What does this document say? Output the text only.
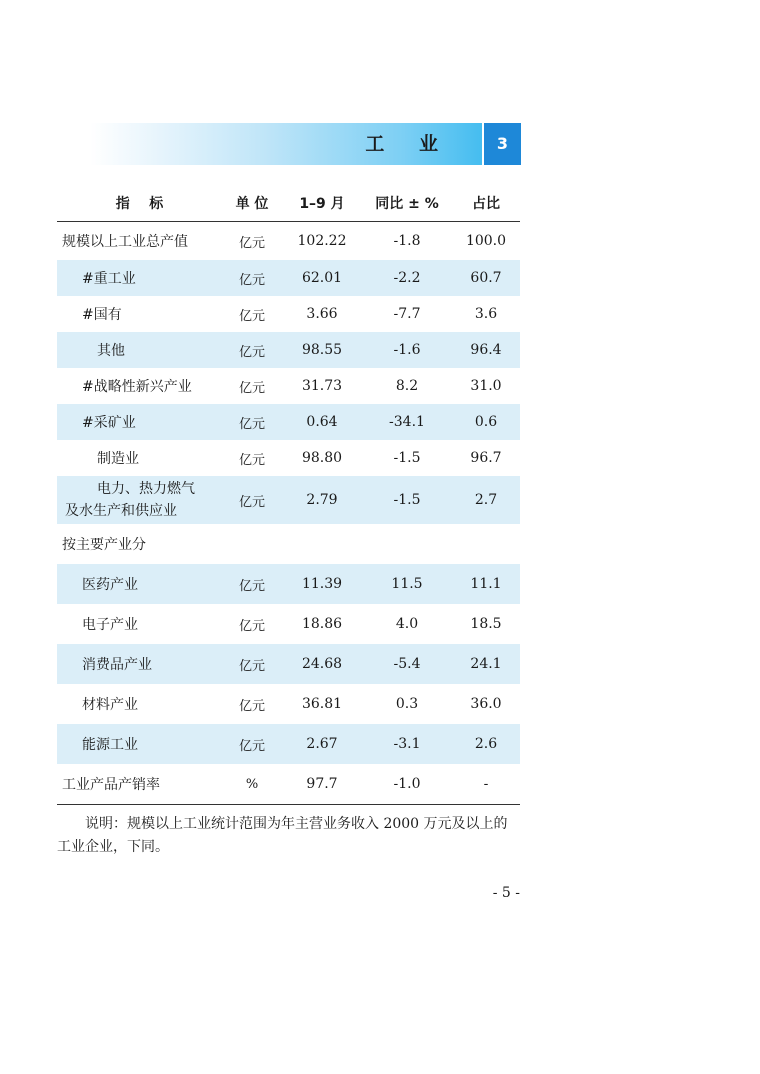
工 业	3
指    标	单 位	1–9 月	同比 ± %	占比
规模以上工业总产值	亿元	102.22	-1.8	100.0
#重工业	亿元	62.01	-2.2	60.7
#国有	亿元	3.66	-7.7	3.6
其他	亿元	98.55	-1.6	96.4
#战略性新兴产业	亿元	31.73	8.2	31.0
#采矿业	亿元	0.64	-34.1	0.6
制造业	亿元	98.80	-1.5	96.7

电力、热力燃气
及水生产和供应业	亿元	2.79	-1.5	2.7
按主要产业分				
医药产业	亿元	11.39	11.5	11.1
电子产业	亿元	18.86	4.0	18.5
消费品产业	亿元	24.68	-5.4	24.1
材料产业	亿元	36.81	0.3	36.0
能源工业	亿元	2.67	-3.1	2.6
工业产品产销率	%	97.7	-1.0	-

说明：规模以上工业统计范围为年主营业务收入 2000 万元及以上的工业企业，下同。

- 5 -
